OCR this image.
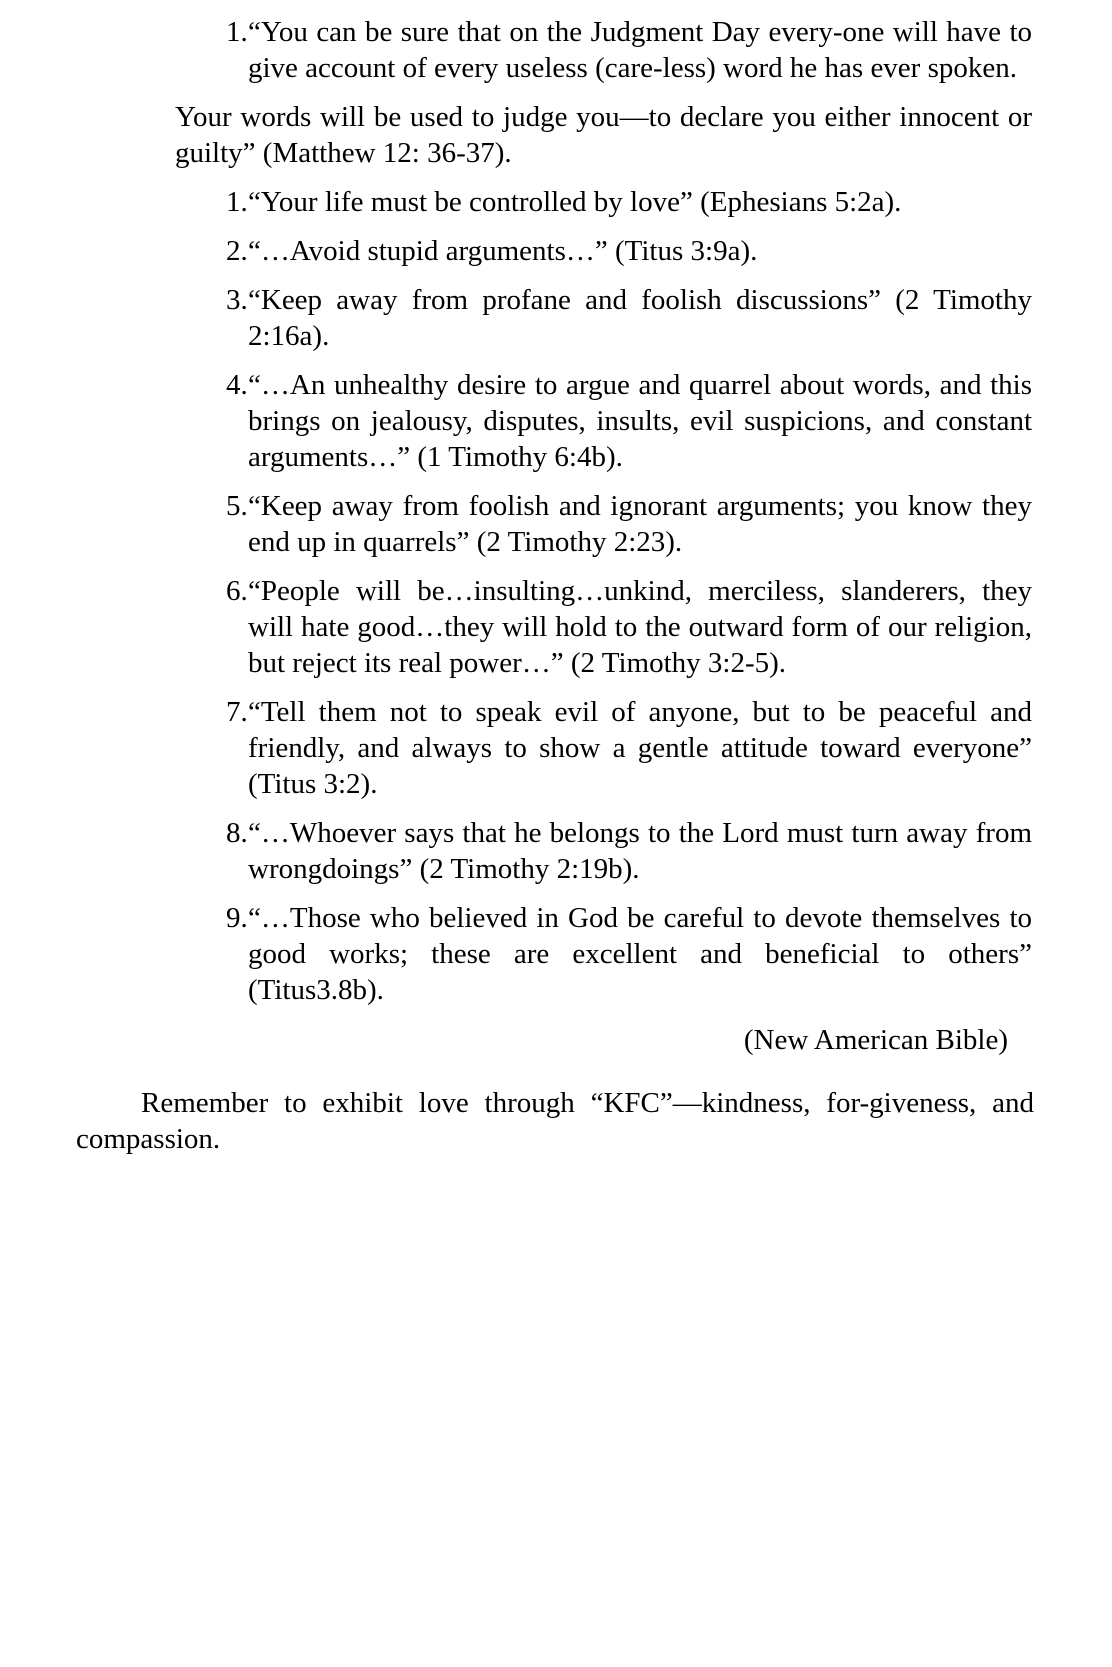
1. “You can be sure that on the Judgment Day every-one will have to give account of every useless (care-less) word he has ever spoken.

Your words will be used to judge you—to declare you either innocent or guilty” (Matthew 12: 36-37).

1. “Your life must be controlled by love” (Ephesians 5:2a).
2. “…Avoid stupid arguments…” (Titus 3:9a).
3. “Keep away from profane and foolish discussions” (2 Timothy 2:16a).
4. “…An unhealthy desire to argue and quarrel about words, and this brings on jealousy, disputes, insults, evil suspicions, and constant arguments…” (1 Timothy 6:4b).
5. “Keep away from foolish and ignorant arguments; you know they end up in quarrels” (2 Timothy 2:23).
6. “People will be…insulting…unkind, merciless, slanderers, they will hate good…they will hold to the outward form of our religion, but reject its real power…” (2 Timothy 3:2-5).
7. “Tell them not to speak evil of anyone, but to be peaceful and friendly, and always to show a gentle attitude toward everyone” (Titus 3:2).
8. “…Whoever says that he belongs to the Lord must turn away from wrongdoings” (2 Timothy 2:19b).
9. “…Those who believed in God be careful to devote themselves to good works; these are excellent and beneficial to others” (Titus3.8b).
(New American Bible)

Remember to exhibit love through “KFC”—kindness, for-giveness, and compassion.
